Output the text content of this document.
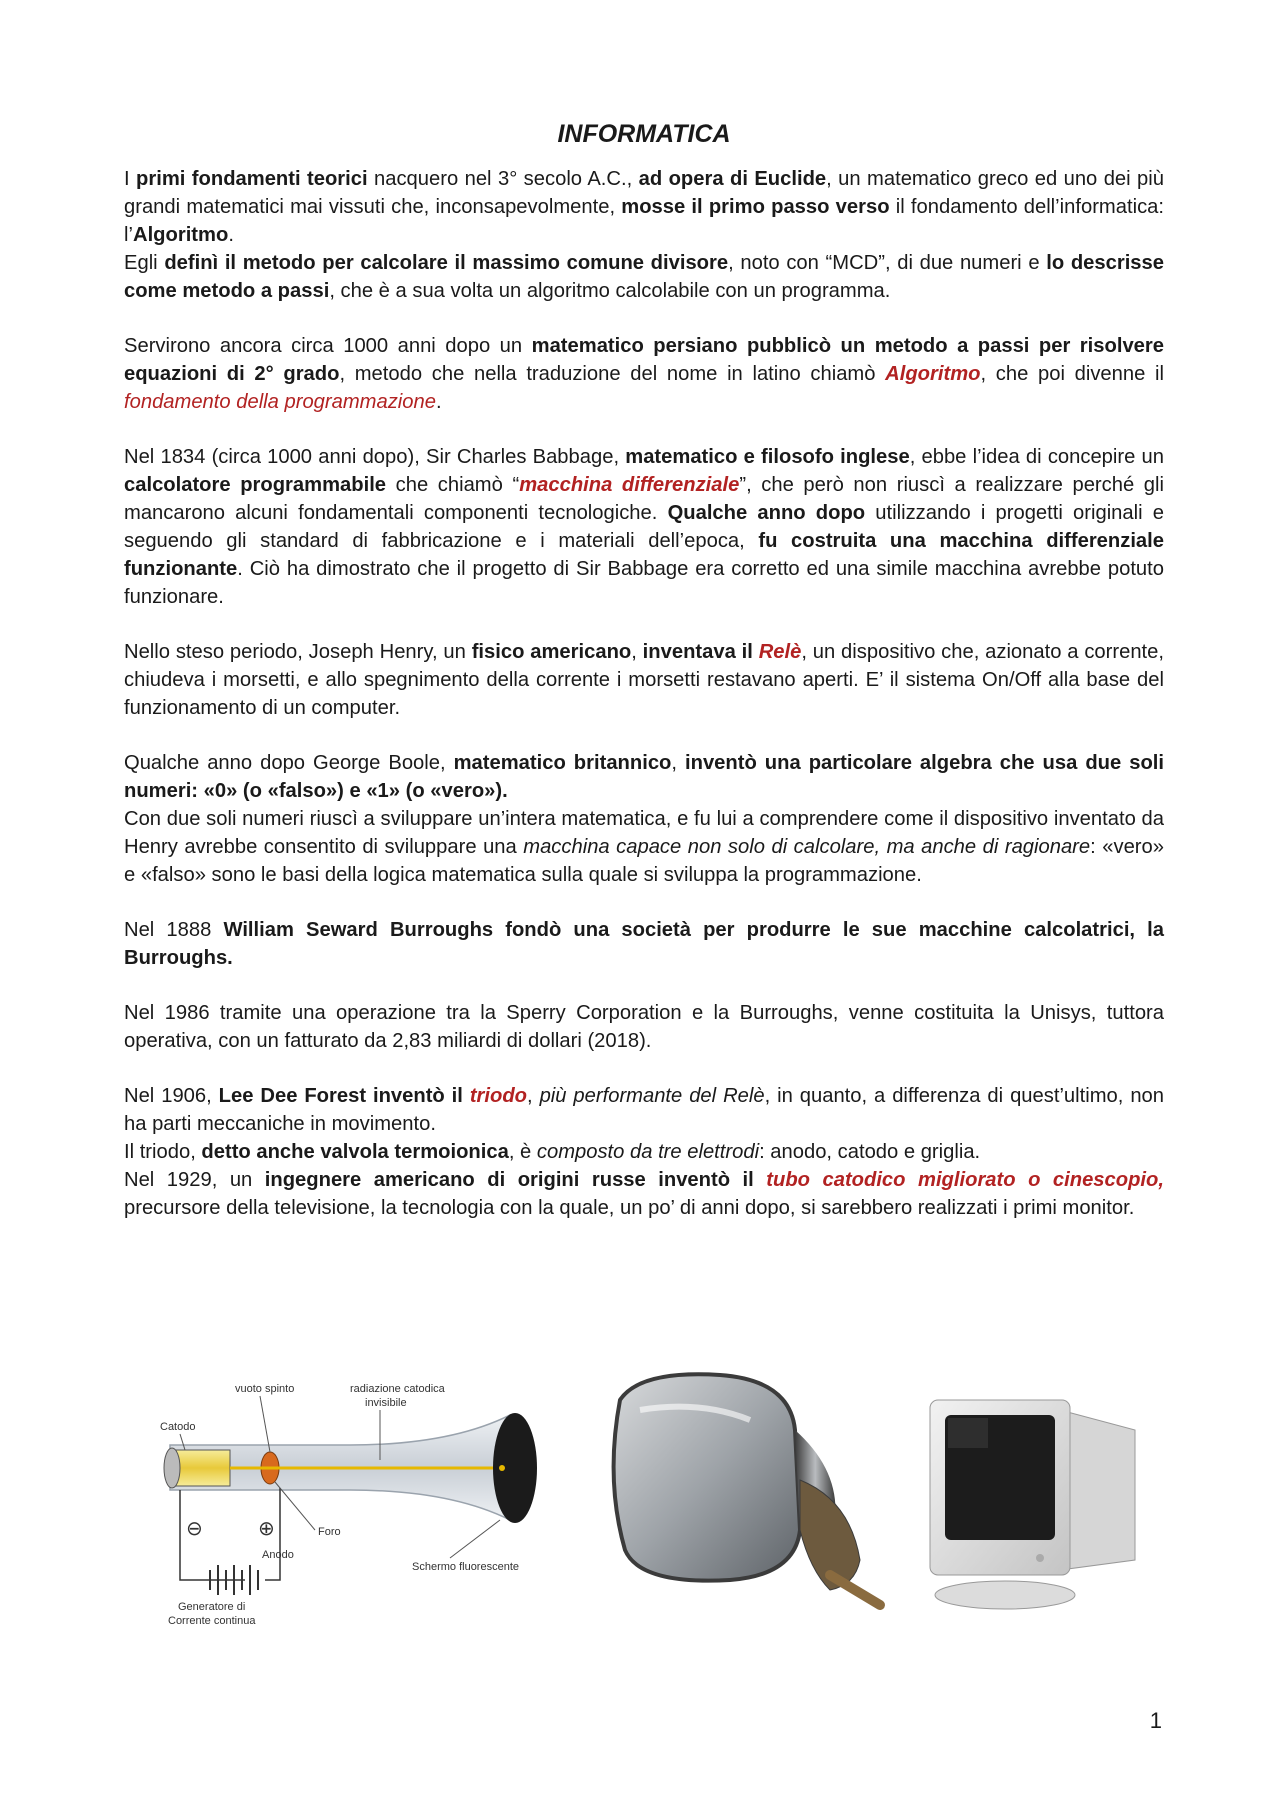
INFORMATICA

I primi fondamenti teorici nacquero nel 3° secolo A.C., ad opera di Euclide, un matematico greco ed uno dei più grandi matematici mai vissuti che, inconsapevolmente, mosse il primo passo verso il fondamento dell’informatica: l’Algoritmo.

Egli definì il metodo per calcolare il massimo comune divisore, noto con “MCD”, di due numeri e lo descrisse come metodo a passi, che è a sua volta un algoritmo calcolabile con un programma.

Servirono ancora circa 1000 anni dopo un matematico persiano pubblicò un metodo a passi per risolvere equazioni di 2° grado, metodo che nella traduzione del nome in latino chiamò Algoritmo, che poi divenne il fondamento della programmazione.

Nel 1834 (circa 1000 anni dopo), Sir Charles Babbage, matematico e filosofo inglese, ebbe l’idea di concepire un calcolatore programmabile che chiamò “macchina differenziale”, che però non riuscì a realizzare perché gli mancarono alcuni fondamentali componenti tecnologiche. Qualche anno dopo utilizzando i progetti originali e seguendo gli standard di fabbricazione e i materiali dell’epoca, fu costruita una macchina differenziale funzionante. Ciò ha dimostrato che il progetto di Sir Babbage era corretto ed una simile macchina avrebbe potuto funzionare.

Nello steso periodo, Joseph Henry, un fisico americano, inventava il Relè, un dispositivo che, azionato a corrente, chiudeva i morsetti, e allo spegnimento della corrente i morsetti restavano aperti. E’ il sistema On/Off alla base del funzionamento di un computer.

Qualche anno dopo George Boole, matematico britannico, inventò una particolare algebra che usa due soli numeri: «0» (o «falso») e «1» (o «vero»).

Con due soli numeri riuscì a sviluppare un’intera matematica, e fu lui a comprendere come il dispositivo inventato da Henry avrebbe consentito di sviluppare una macchina capace non solo di calcolare, ma anche di ragionare: «vero» e «falso» sono le basi della logica matematica sulla quale si sviluppa la programmazione.

Nel 1888 William Seward Burroughs fondò una società per produrre le sue macchine calcolatrici, la Burroughs.

Nel 1986 tramite una operazione tra la Sperry Corporation e la Burroughs, venne costituita la Unisys, tuttora operativa, con un fatturato da 2,83 miliardi di dollari (2018).

Nel 1906, Lee Dee Forest inventò il triodo, più performante del Relè, in quanto, a differenza di quest’ultimo, non ha parti meccaniche in movimento.

Il triodo, detto anche valvola termoionica, è composto da tre elettrodi: anodo, catodo e griglia.

Nel 1929, un ingegnere americano di origini russe inventò il tubo catodico migliorato o cinescopio, precursore della televisione, la tecnologia con la quale, un po’ di anni dopo, si sarebbero realizzati i primi monitor.

⊖	⊕
Catodo
vuoto spinto	radiazione catodica
invisibile
Foro
Anodo
Schermo fluorescente
Generatore di
Corrente continua
1
